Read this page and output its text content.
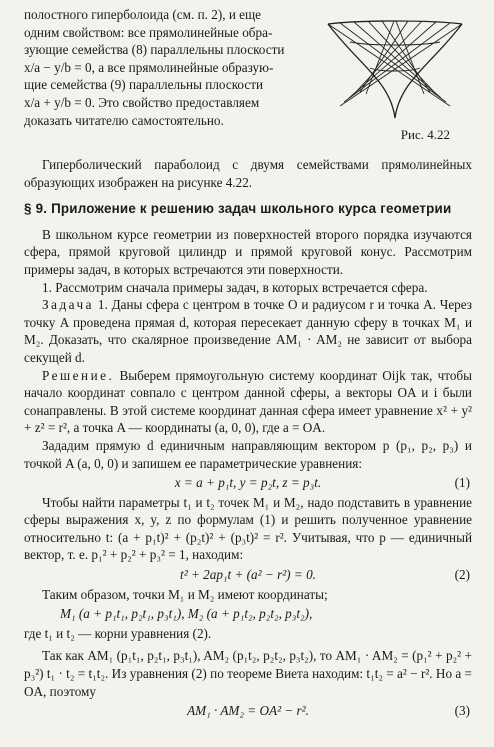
полостного гиперболоида (см. п. 2), и еще

одним свойством: все прямолинейные обра-

зующие семейства (8) параллельны плоскости

x/a − y/b = 0, а все прямолинейные образую-

щие семейства (9) параллельны плоскости

x/a + y/b = 0. Это свойство предоставляем

доказать читателю самостоятельно.

Рис. 4.22

Гиперболический параболоид с двумя семействами прямолинейных образующих изображен на рисунке 4.22.

§ 9. Приложение к решению задач школьного курса геометрии

В школьном курсе геометрии из поверхностей второго порядка изучаются сфера, прямой круговой цилиндр и прямой круговой конус. Рассмотрим примеры задач, в которых встречаются эти поверхности.

1. Рассмотрим сначала примеры задач, в которых встречается сфера.

Задача 1. Даны сфера с центром в точке O и радиусом r и точка A. Через точку A проведена прямая d, которая пересекает данную сферу в точках M₁ и M₂. Доказать, что скалярное произведение AM₁ · AM₂ не зависит от выбора секущей d.

Решение. Выберем прямоугольную систему координат Oijk так, чтобы начало координат совпало с центром данной сферы, а векторы OA и i были сонаправлены. В этой системе координат данная сфера имеет уравнение x² + y² + z² = r², а точка A — координаты (a, 0, 0), где a = OA.

Зададим прямую d единичным направляющим вектором p (p₁, p₂, p₃) и точкой A (a, 0, 0) и запишем ее параметрические уравнения:

x = a + p₁t, y = p₂t, z = p₃t.	(1)

Чтобы найти параметры t₁ и t₂ точек M₁ и M₂, надо подставить в уравнение сферы выражения x, y, z по формулам (1) и решить полученное уравнение относительно t: (a + p₁t)² + (p₂t)² + (p₃t)² = r². Учитывая, что p — единичный вектор, т. е. p₁² + p₂² + p₃² = 1, находим:

t² + 2ap₁t + (a² − r²) = 0.	(2)

Таким образом, точки M₁ и M₂ имеют координаты;

M₁ (a + p₁t₁, p₂t₁, p₃t₁), M₂ (a + p₁t₂, p₂t₂, p₃t₂),

где t₁ и t₂ — корни уравнения (2).

Так как AM₁ (p₁t₁, p₂t₁, p₃t₁), AM₂ (p₁t₂, p₂t₂, p₃t₂), то AM₁ · AM₂ = (p₁² + p₂² + p₃²) t₁ · t₂ = t₁t₂. Из уравнения (2) по теореме Виета находим: t₁t₂ = a² − r². Но a = OA, поэтому

AM₁ · AM₂ = OA² − r².	(3)
